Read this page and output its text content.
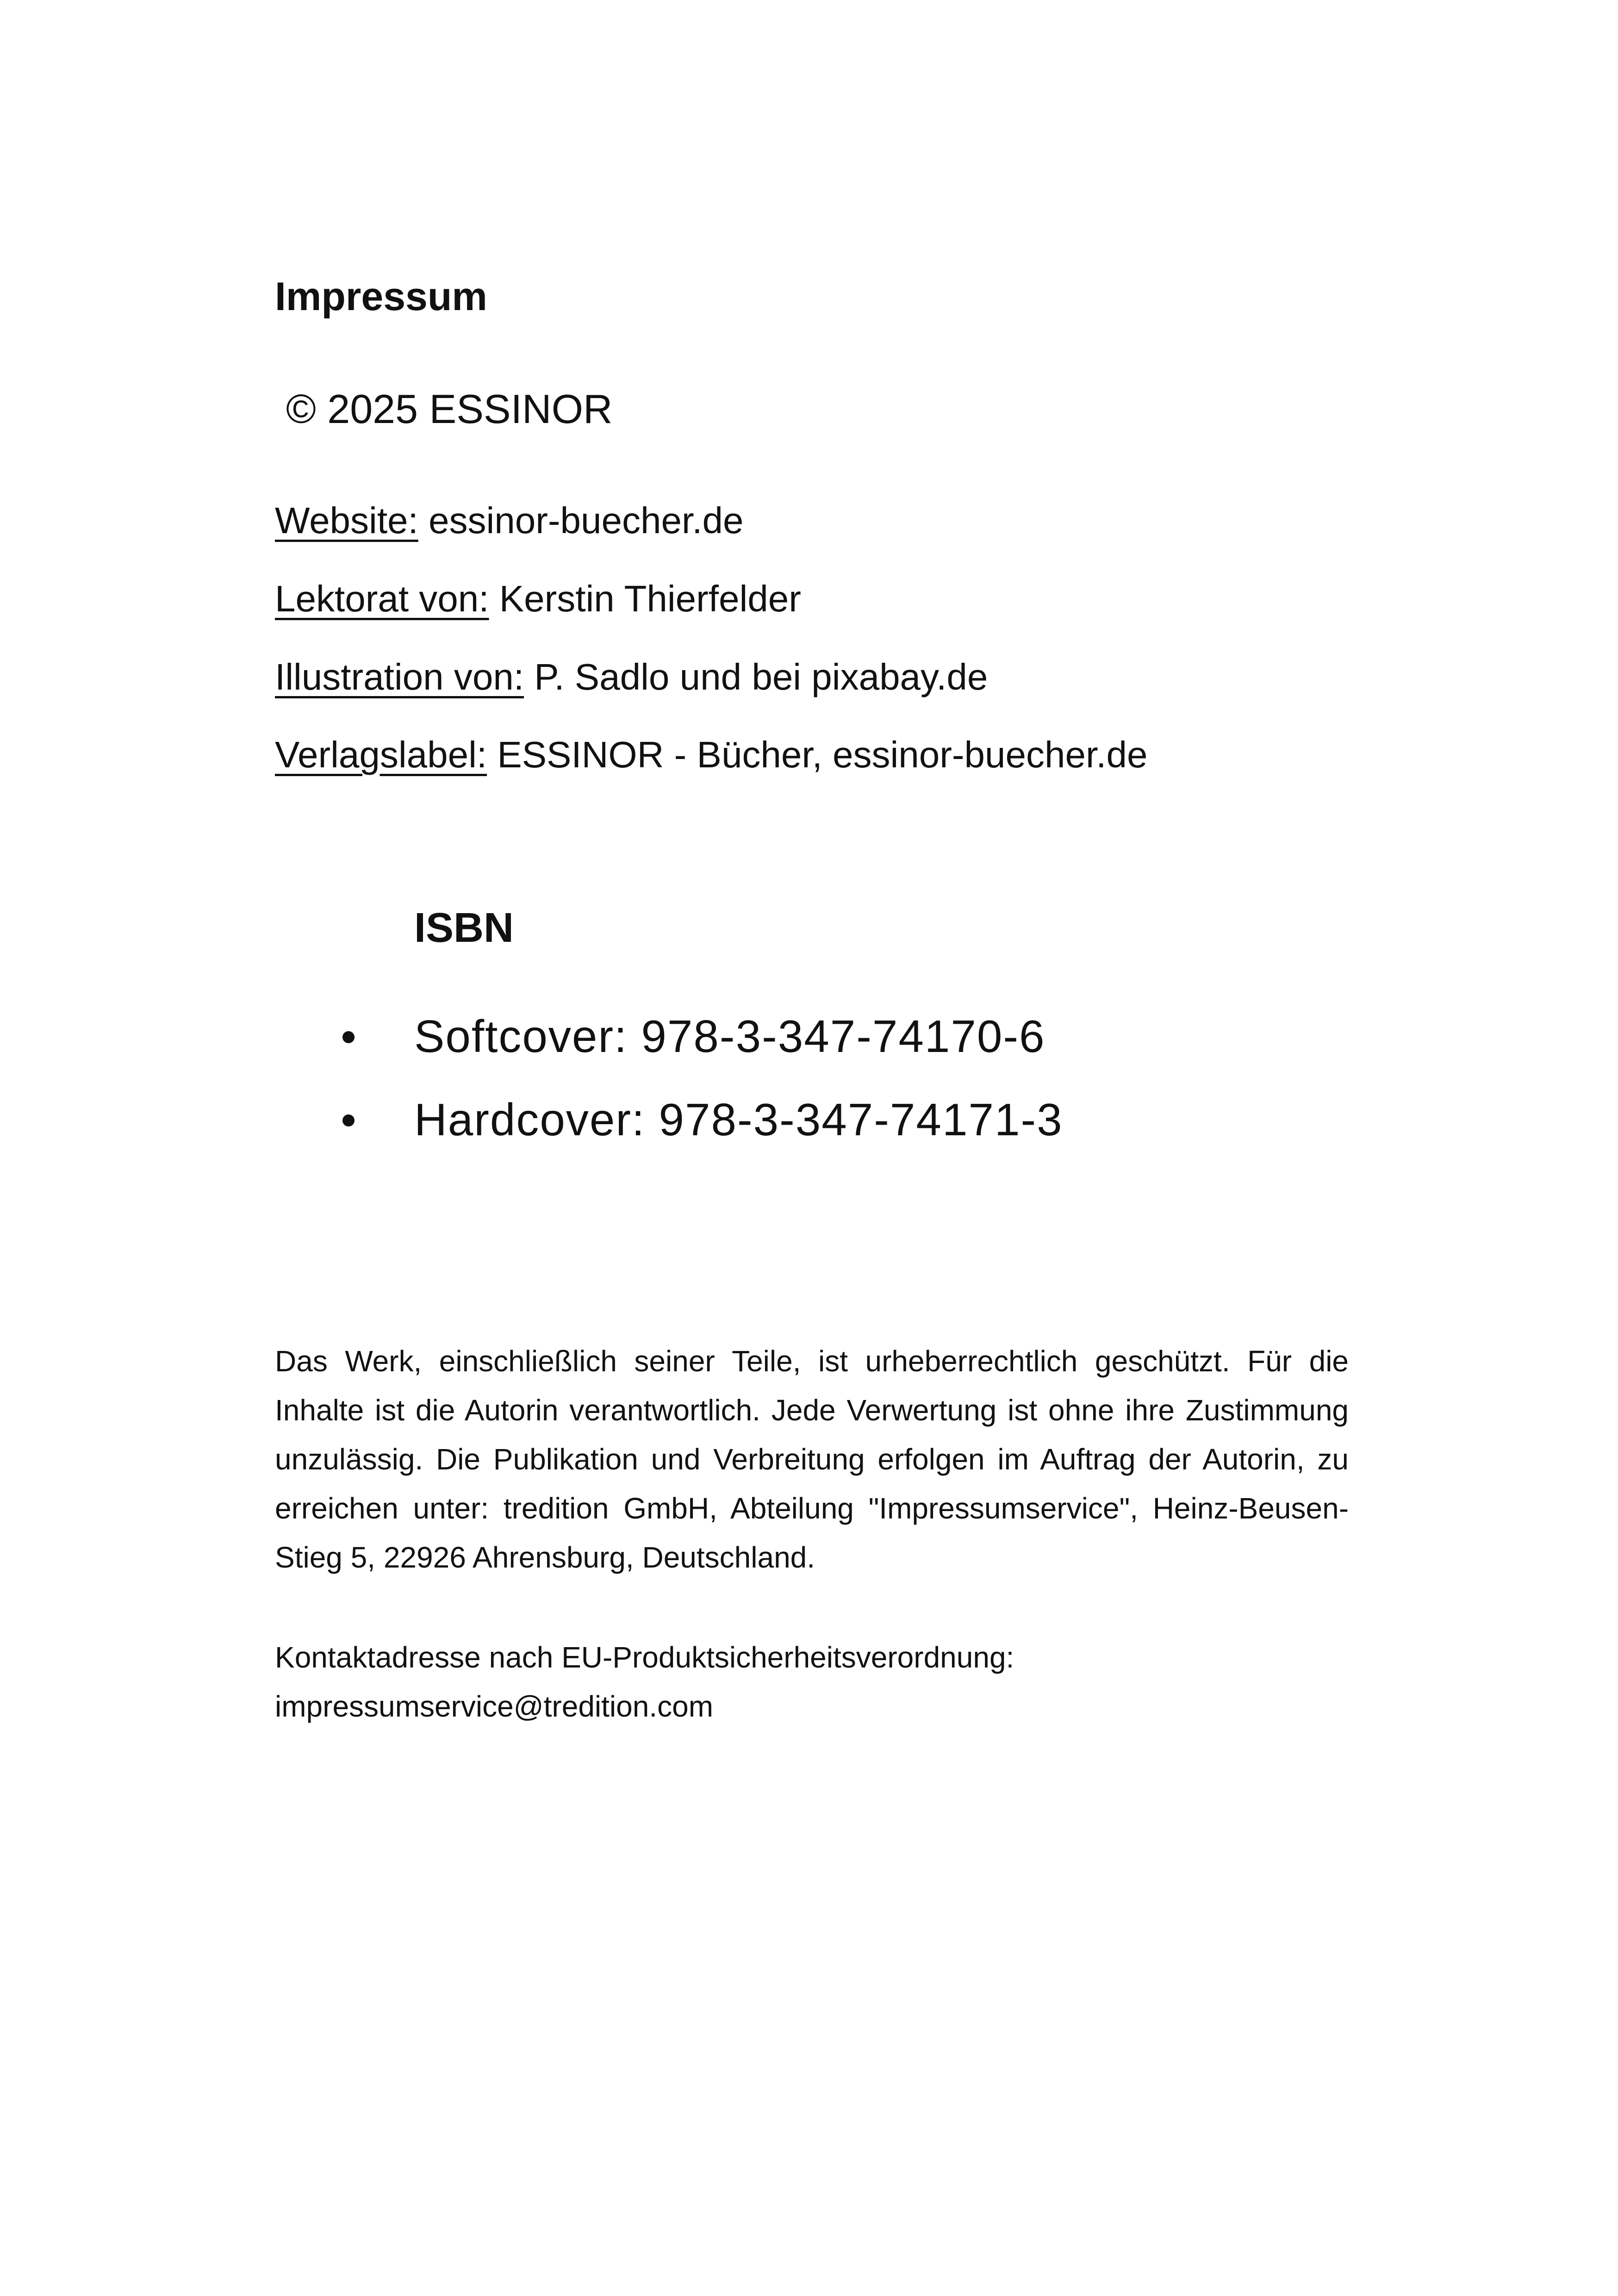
Impressum
© 2025 ESSINOR
Website: essinor-buecher.de
Lektorat von: Kerstin Thierfelder
Illustration von: P. Sadlo und bei pixabay.de
Verlagslabel: ESSINOR - Bücher, essinor-buecher.de
ISBN
Softcover: 978-3-347-74170-6
Hardcover: 978-3-347-74171-3
Das Werk, einschließlich seiner Teile, ist urheberrechtlich geschützt. Für die Inhalte ist die Autorin verantwortlich. Jede Verwertung ist ohne ihre Zustimmung unzulässig. Die Publikation und Verbreitung erfolgen im Auftrag der Autorin, zu erreichen unter: tredition GmbH, Abteilung "Impressumservice", Heinz-Beusen-Stieg 5, 22926 Ahrensburg, Deutschland.
Kontaktadresse nach EU-Produktsicherheitsverordnung:
impressumservice@tredition.com
